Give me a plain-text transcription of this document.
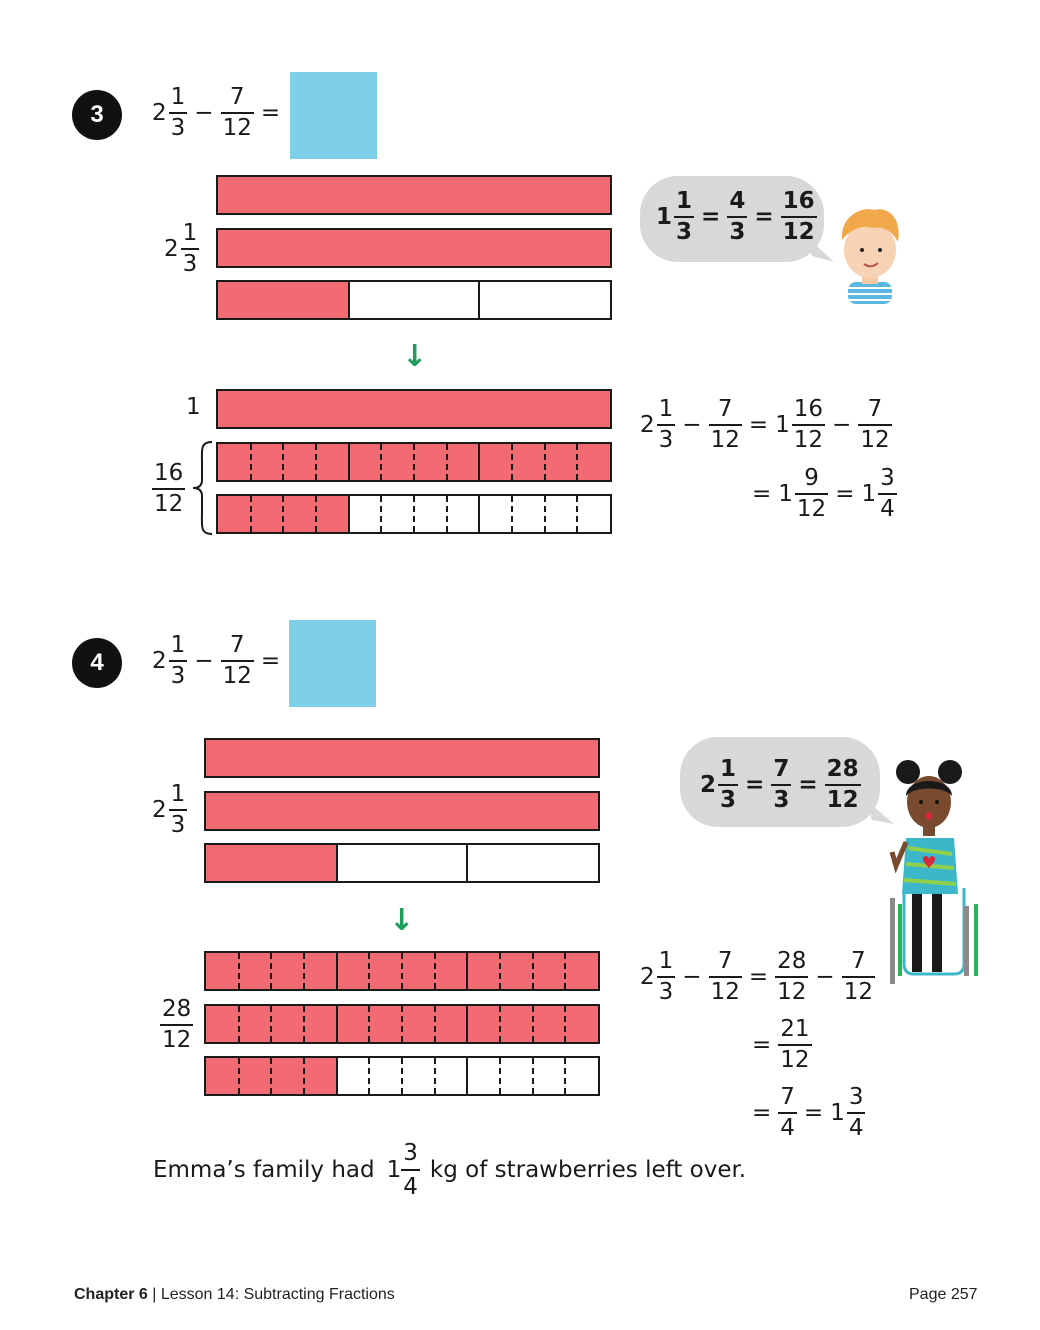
3 $2 \frac{1}{3} - \frac{7}{12}$ =
$2 \frac{1}{3}$
↓
1
$\frac{16}{12}$
$1 \frac{1}{3} = \frac{4}{3} = \frac{16}{12}$
$2 \frac{1}{3} - \frac{7}{12} = 1 \frac{16}{12} - \frac{7}{12}$
= $1 \frac{9}{12} = 1 \frac{3}{4}$
4 $2 \frac{1}{3} - \frac{7}{12}$ =
$2 \frac{1}{3}$
↓
$\frac{28}{12}$
$2 \frac{1}{3} = \frac{7}{3} = \frac{28}{12}$
$2 \frac{1}{3} - \frac{7}{12} = \frac{28}{12} - \frac{7}{12}$
= $\frac{21}{12}$
= $\frac{7}{4} = 1 \frac{3}{4}$
Emma’s family had $1 \frac{3}{4}$ kg of strawberries left over.
Chapter 6 | Lesson 14: Subtracting Fractions	Page 257
